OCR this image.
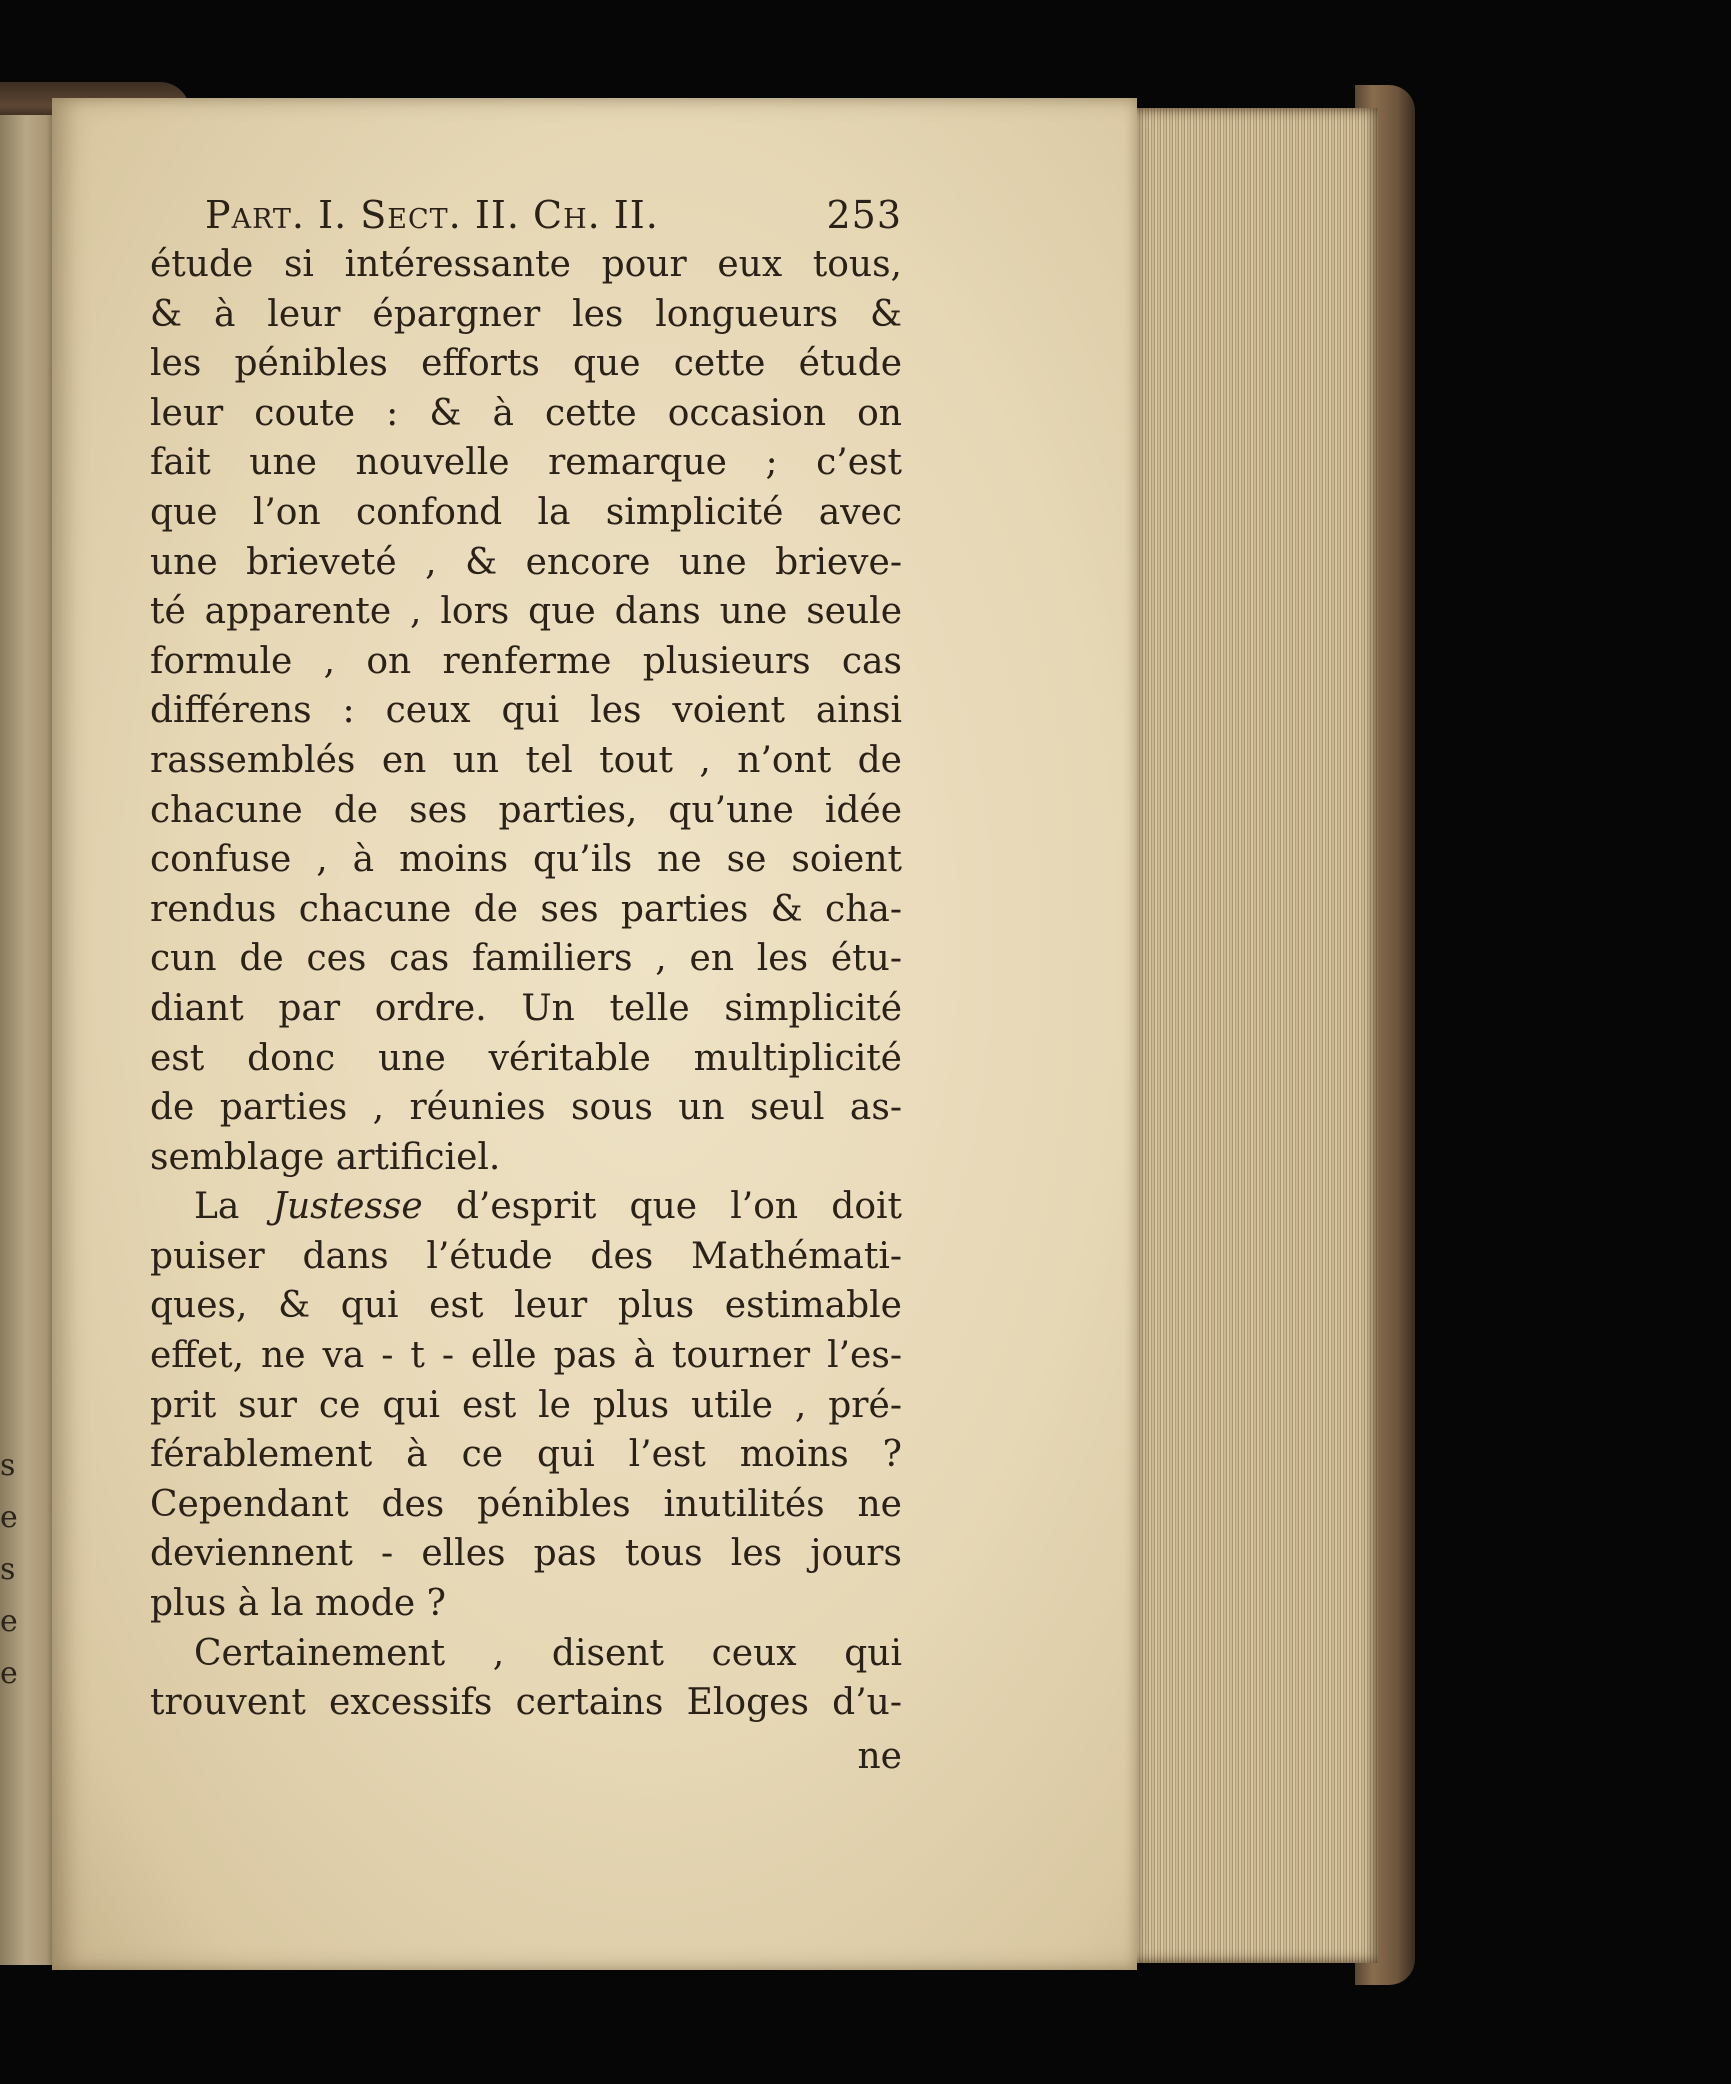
s
e
s
e
e
Part. I. Sect. II. Ch. II.	253
étude si intéressante pour eux tous,
& à leur épargner les longueurs &
les pénibles efforts que cette étude
leur coute : & à cette occasion on
fait une nouvelle remarque ; c’est
que l’on confond la simplicité avec
une brieveté , & encore une brieve-
té apparente , lors que dans une seule
formule , on renferme plusieurs cas
différens : ceux qui les voient ainsi
rassemblés en un tel tout , n’ont de
chacune de ses parties, qu’une idée
confuse , à moins qu’ils ne se soient
rendus chacune de ses parties & cha-
cun de ces cas familiers , en les étu-
diant par ordre. Un telle simplicité
est donc une véritable multiplicité
de parties , réunies sous un seul as-
semblage artificiel.
La Justesse d’esprit que l’on doit
puiser dans l’étude des Mathémati-
ques, & qui est leur plus estimable
effet, ne va - t - elle pas à tourner l’es-
prit sur ce qui est le plus utile , pré-
férablement à ce qui l’est moins ?
Cependant des pénibles inutilités ne
deviennent - elles pas tous les jours
plus à la mode ?
Certainement , disent ceux qui
trouvent excessifs certains Eloges d’u-
ne
